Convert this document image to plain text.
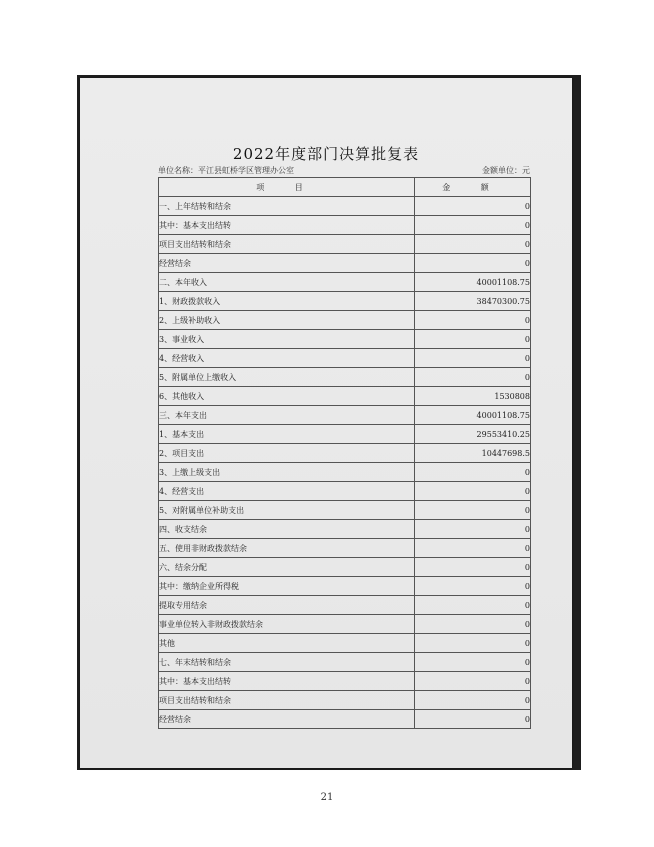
2022年度部门决算批复表
单位名称：平江县虹桥学区管理办公室	金额单位：元
项 目	金 额
一、上年结转和结余	0
其中：基本支出结转	0
项目支出结转和结余	0
经营结余	0
二、本年收入	40001108.75
1、财政拨款收入	38470300.75
2、上级补助收入	0
3、事业收入	0
4、经营收入	0
5、附属单位上缴收入	0
6、其他收入	1530808
三、本年支出	40001108.75
1、基本支出	29553410.25
2、项目支出	10447698.5
3、上缴上级支出	0
4、经营支出	0
5、对附属单位补助支出	0
四、收支结余	0
五、使用非财政拨款结余	0
六、结余分配	0
其中：缴纳企业所得税	0
提取专用结余	0
事业单位转入非财政拨款结余	0
其他	0
七、年末结转和结余	0
其中：基本支出结转	0
项目支出结转和结余	0
经营结余	0
21
